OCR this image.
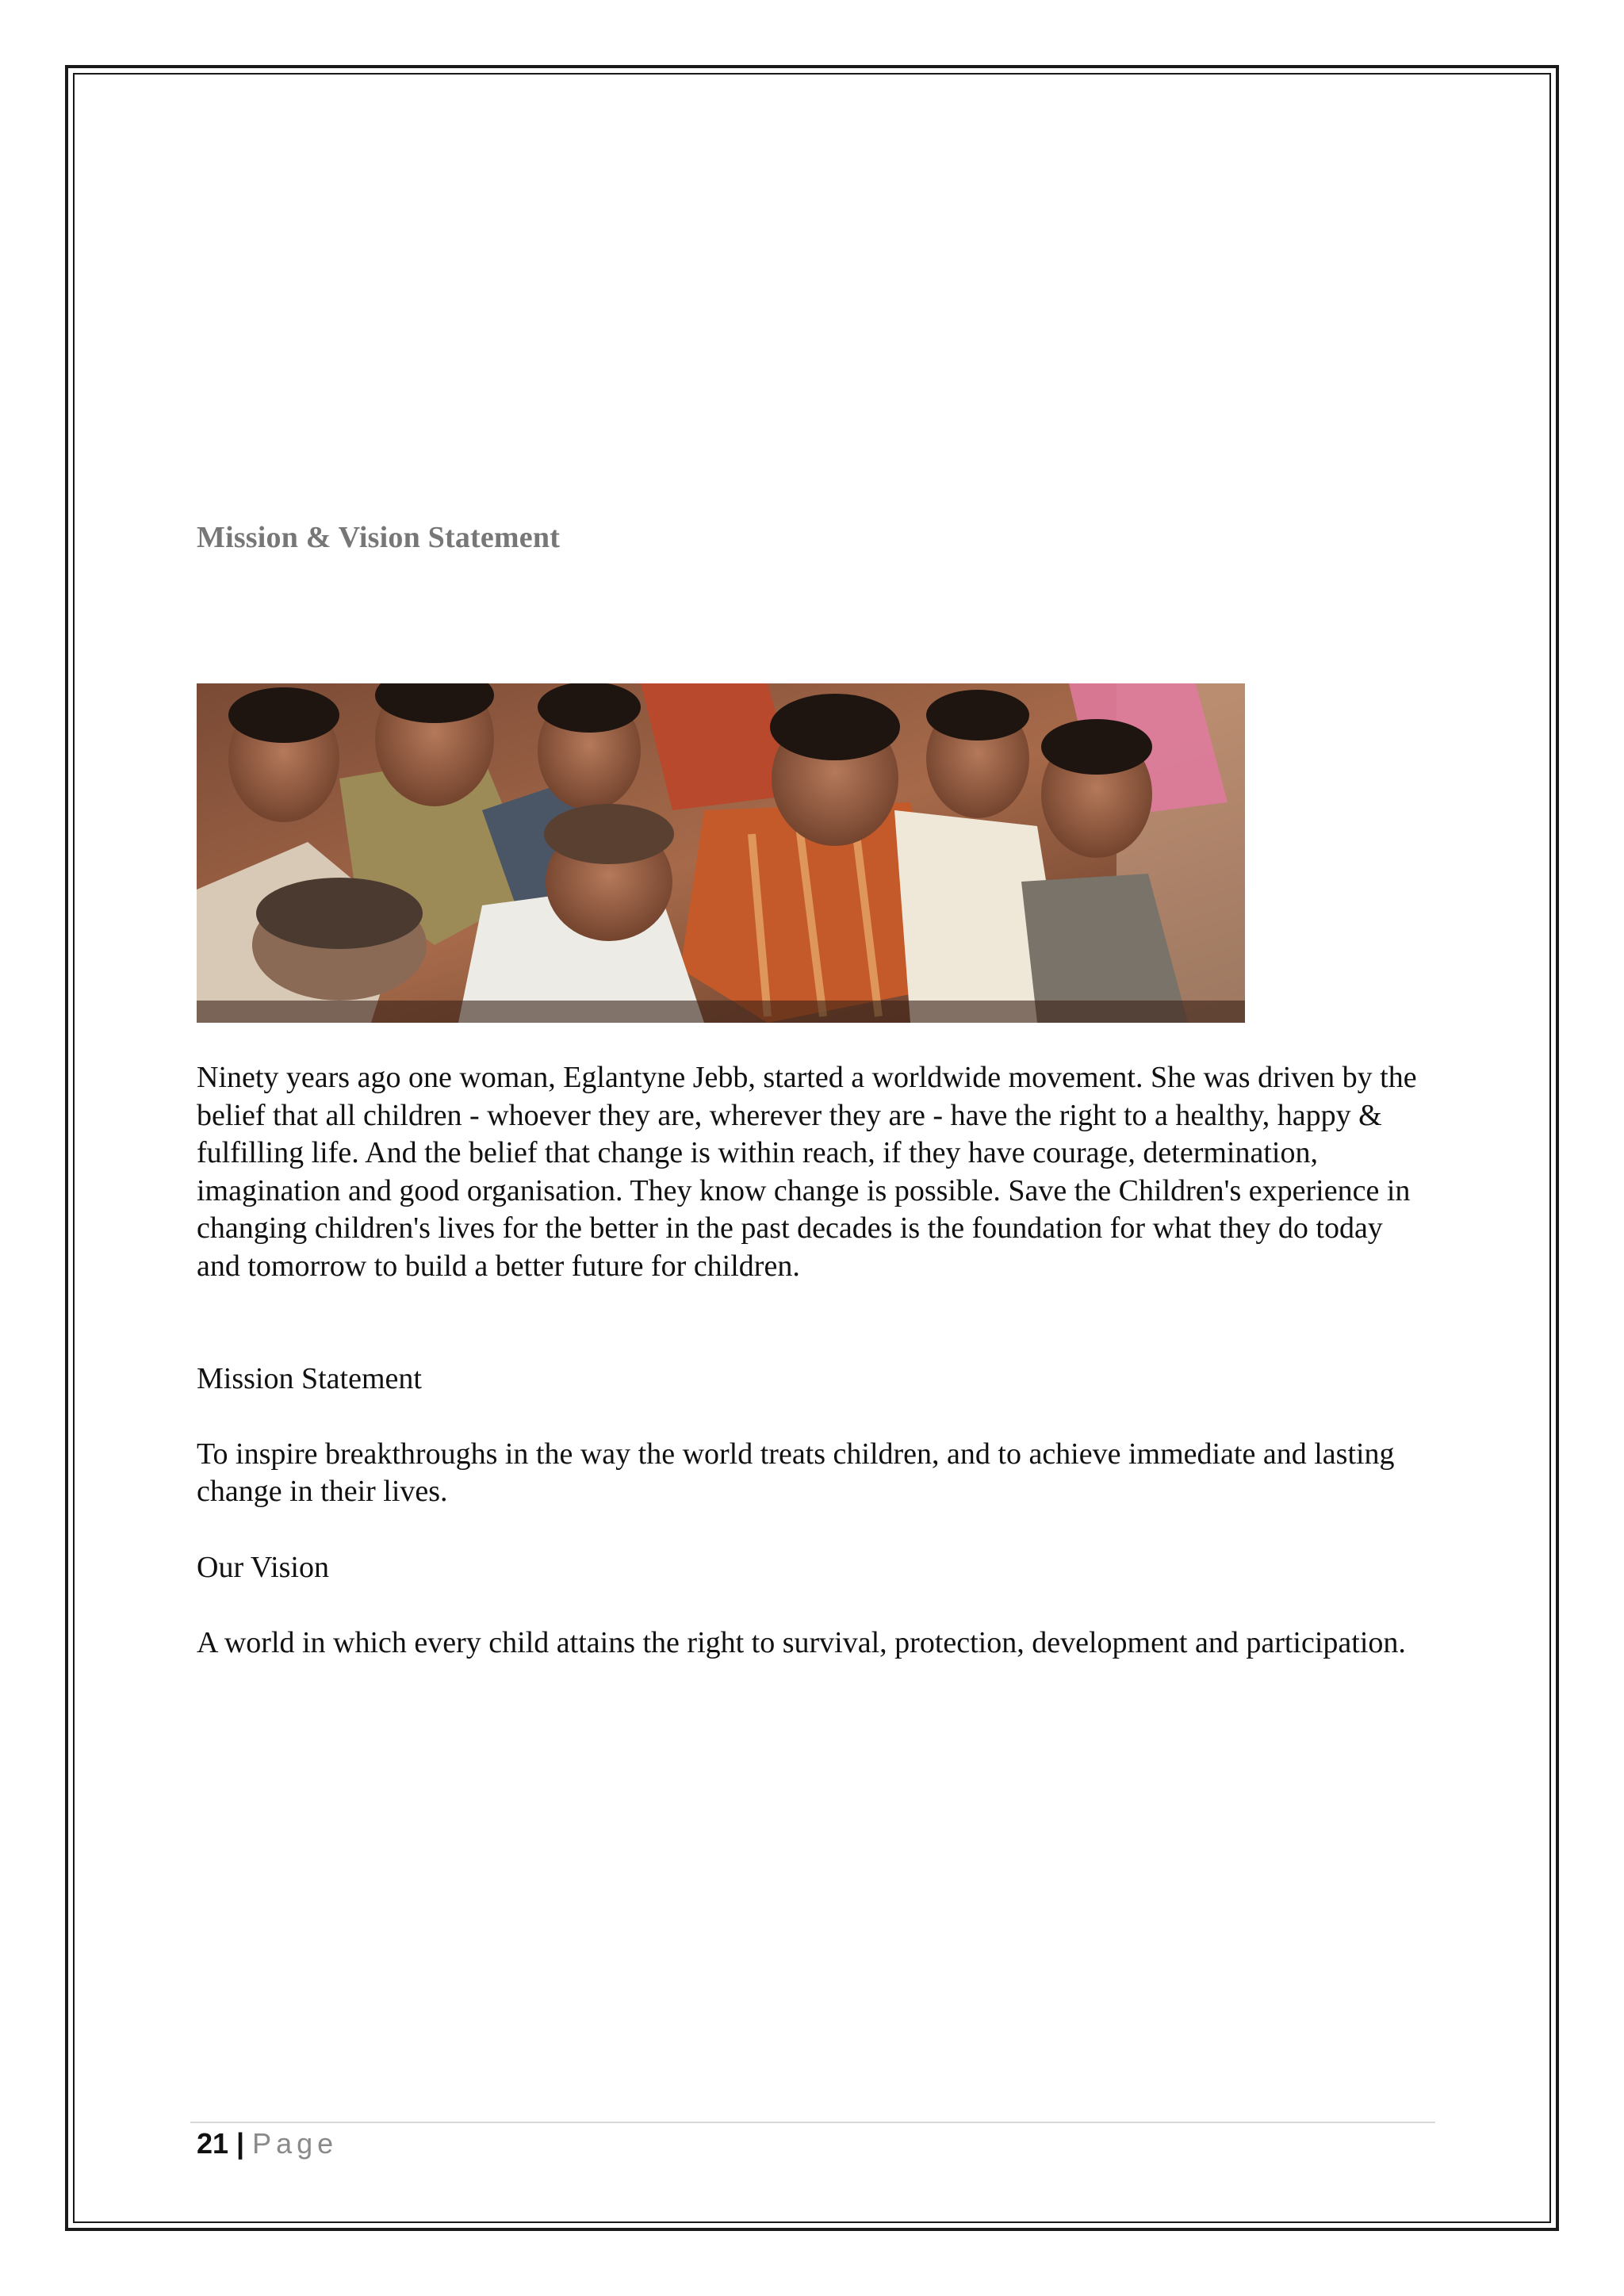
Mission & Vision Statement
Ninety years ago one woman, Eglantyne Jebb, started a worldwide movement. She was driven by the belief that all children - whoever they are, wherever they are - have the right to a healthy, happy & fulfilling life. And the belief that change is within reach, if they have courage, determination, imagination and good organisation. They know change is possible. Save the Children's experience in changing children's lives for the better in the past decades is the foundation for what they do today and tomorrow to build a better future for children.

Mission Statement

To inspire breakthroughs in the way the world treats children, and to achieve immediate and lasting change in their lives.

Our Vision

A world in which every child attains the right to survival, protection, development and participation.

21 | Page
